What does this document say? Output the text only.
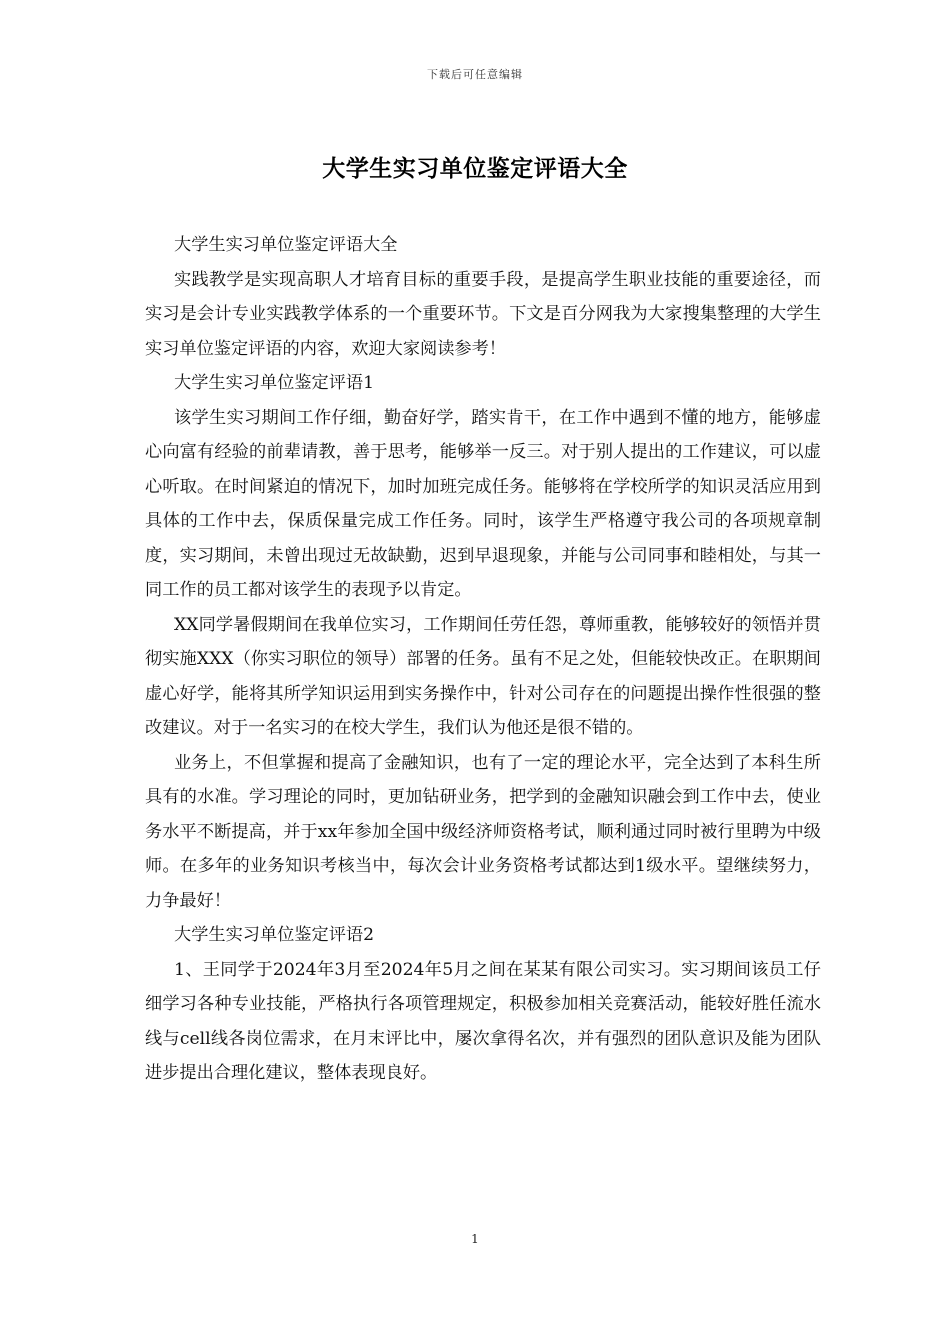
下载后可任意编辑
大学生实习单位鉴定评语大全

大学生实习单位鉴定评语大全

实践教学是实现高职人才培育目标的重要手段，是提高学生职业技能的重要途径，而实习是会计专业实践教学体系的一个重要环节。下文是百分网我为大家搜集整理的大学生实习单位鉴定评语的内容，欢迎大家阅读参考！

大学生实习单位鉴定评语1

该学生实习期间工作仔细，勤奋好学，踏实肯干，在工作中遇到不懂的地方，能够虚心向富有经验的前辈请教，善于思考，能够举一反三。对于别人提出的工作建议，可以虚心听取。在时间紧迫的情况下，加时加班完成任务。能够将在学校所学的知识灵活应用到具体的工作中去，保质保量完成工作任务。同时，该学生严格遵守我公司的各项规章制度，实习期间，未曾出现过无故缺勤，迟到早退现象，并能与公司同事和睦相处，与其一同工作的员工都对该学生的表现予以肯定。

XX同学暑假期间在我单位实习，工作期间任劳任怨，尊师重教，能够较好的领悟并贯彻实施XXX（你实习职位的领导）部署的任务。虽有不足之处，但能较快改正。在职期间虚心好学，能将其所学知识运用到实务操作中，针对公司存在的问题提出操作性很强的整改建议。对于一名实习的在校大学生，我们认为他还是很不错的。

业务上，不但掌握和提高了金融知识，也有了一定的理论水平，完全达到了本科生所具有的水准。学习理论的同时，更加钻研业务，把学到的金融知识融会到工作中去，使业务水平不断提高，并于xx年参加全国中级经济师资格考试，顺利通过同时被行里聘为中级师。在多年的业务知识考核当中，每次会计业务资格考试都达到1级水平。望继续努力，力争最好！

大学生实习单位鉴定评语2

1、王同学于2024年3月至2024年5月之间在某某有限公司实习。实习期间该员工仔细学习各种专业技能，严格执行各项管理规定，积极参加相关竞赛活动，能较好胜任流水线与cell线各岗位需求，在月末评比中，屡次拿得名次，并有强烈的团队意识及能为团队进步提出合理化建议，整体表现良好。

1
